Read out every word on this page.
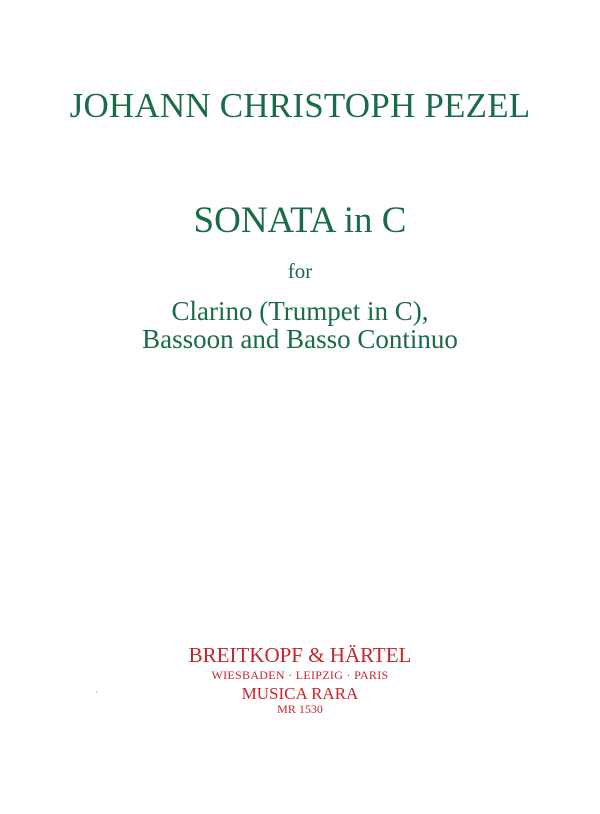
JOHANN CHRISTOPH PEZEL
SONATA in C
for
Clarino (Trumpet in C),
Bassoon and Basso Continuo
BREITKOPF & HÄRTEL
WIESBADEN · LEIPZIG · PARIS
MUSICA RARA
MR 1530
